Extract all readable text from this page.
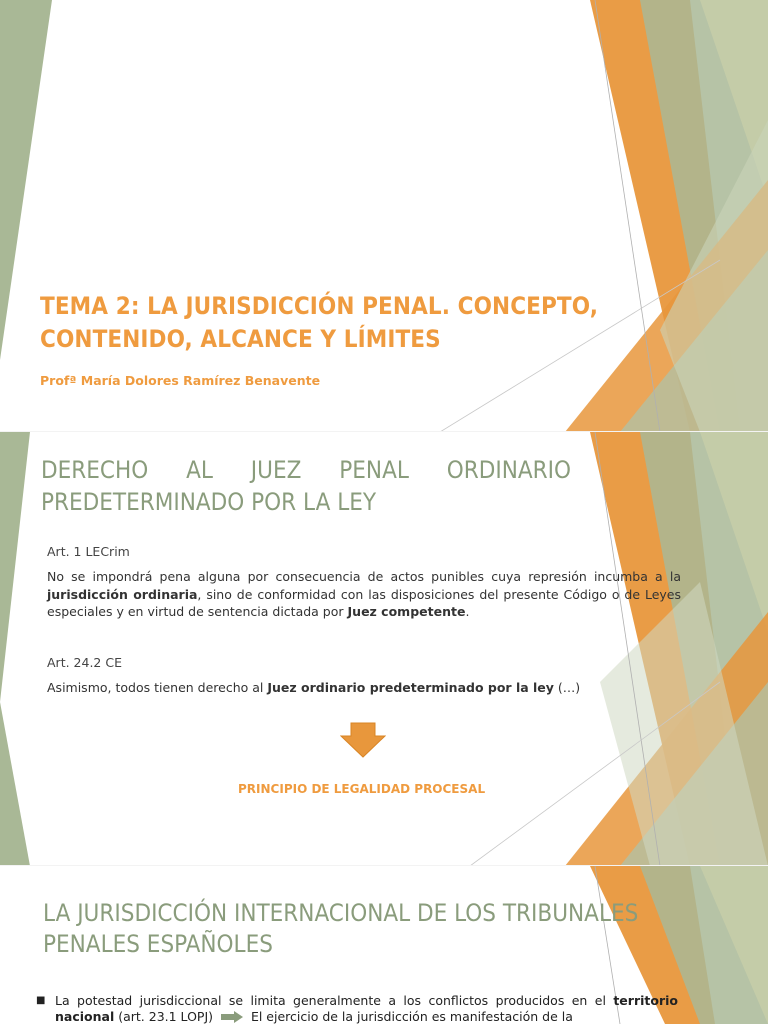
TEMA 2: LA JURISDICCIÓN PENAL. CONCEPTO, CONTENIDO, ALCANCE Y LÍMITES
Profª María Dolores Ramírez Benavente
DERECHO AL JUEZ PENAL ORDINARIO PREDETERMINADO POR LA LEY
Art. 1 LECrim
No se impondrá pena alguna por consecuencia de actos punibles cuya represión incumba a la jurisdicción ordinaria, sino de conformidad con las disposiciones del presente Código o de Leyes especiales y en virtud de sentencia dictada por Juez competente.
Art. 24.2 CE
Asimismo, todos tienen derecho al Juez ordinario predeterminado por la ley (…)
PRINCIPIO DE LEGALIDAD PROCESAL
LA JURISDICCIÓN INTERNACIONAL DE LOS TRIBUNALES PENALES ESPAÑOLES
■ La potestad jurisdiccional se limita generalmente a los conflictos producidos en el territorio nacional (art. 23.1 LOPJ)  El ejercicio de la jurisdicción es manifestación de la
